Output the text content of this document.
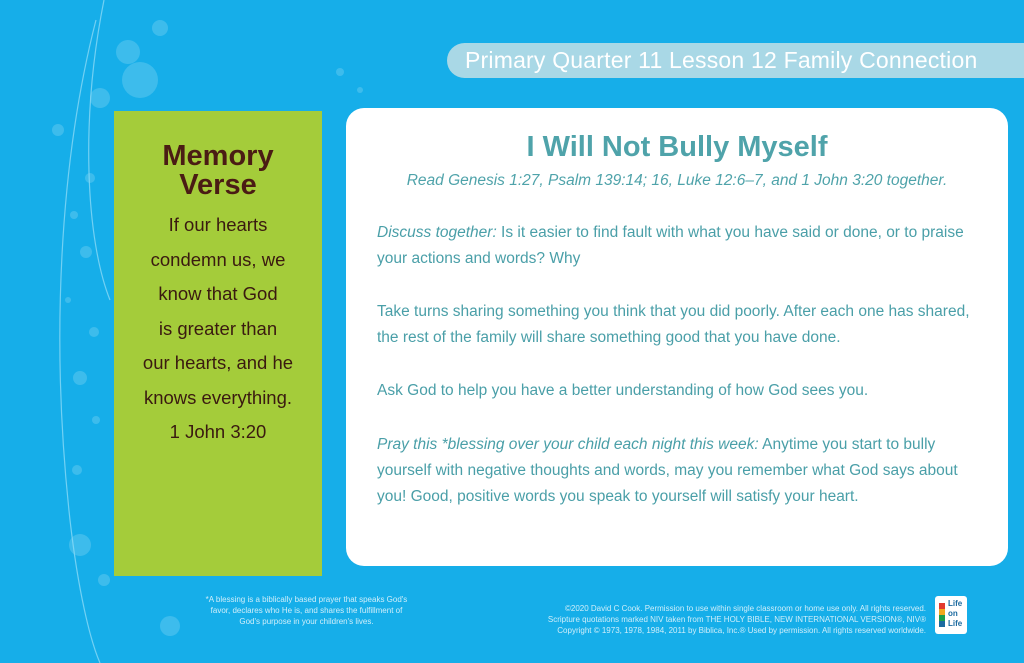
Primary Quarter 11 Lesson 12 Family Connection
Memory
Verse
If our hearts
condemn us, we
know that God
is greater than
our hearts, and he
knows everything.
1 John 3:20
I Will Not Bully Myself
Read Genesis 1:27, Psalm 139:14; 16, Luke 12:6–7, and 1 John 3:20 together.
Discuss together: Is it easier to find fault with what you have said or done, or to praise your actions and words? Why
Take turns sharing something you think that you did poorly. After each one has shared, the rest of the family will share something good that you have done.
Ask God to help you have a better understanding of how God sees you.
Pray this *blessing over your child each night this week: Anytime you start to bully yourself with negative thoughts and words, may you remember what God says about you! Good, positive words you speak to yourself will satisfy your heart.
*A blessing is a biblically based prayer that speaks God's favor, declares who He is, and shares the fulfillment of God's purpose in your children's lives.
©2020 David C Cook. Permission to use within single classroom or home use only. All rights reserved.
Scripture quotations marked NIV taken from THE HOLY BIBLE, NEW INTERNATIONAL VERSION®, NIV®
Copyright © 1973, 1978, 1984, 2011 by Biblica, Inc.® Used by permission. All rights reserved worldwide.
Life
on
Life
